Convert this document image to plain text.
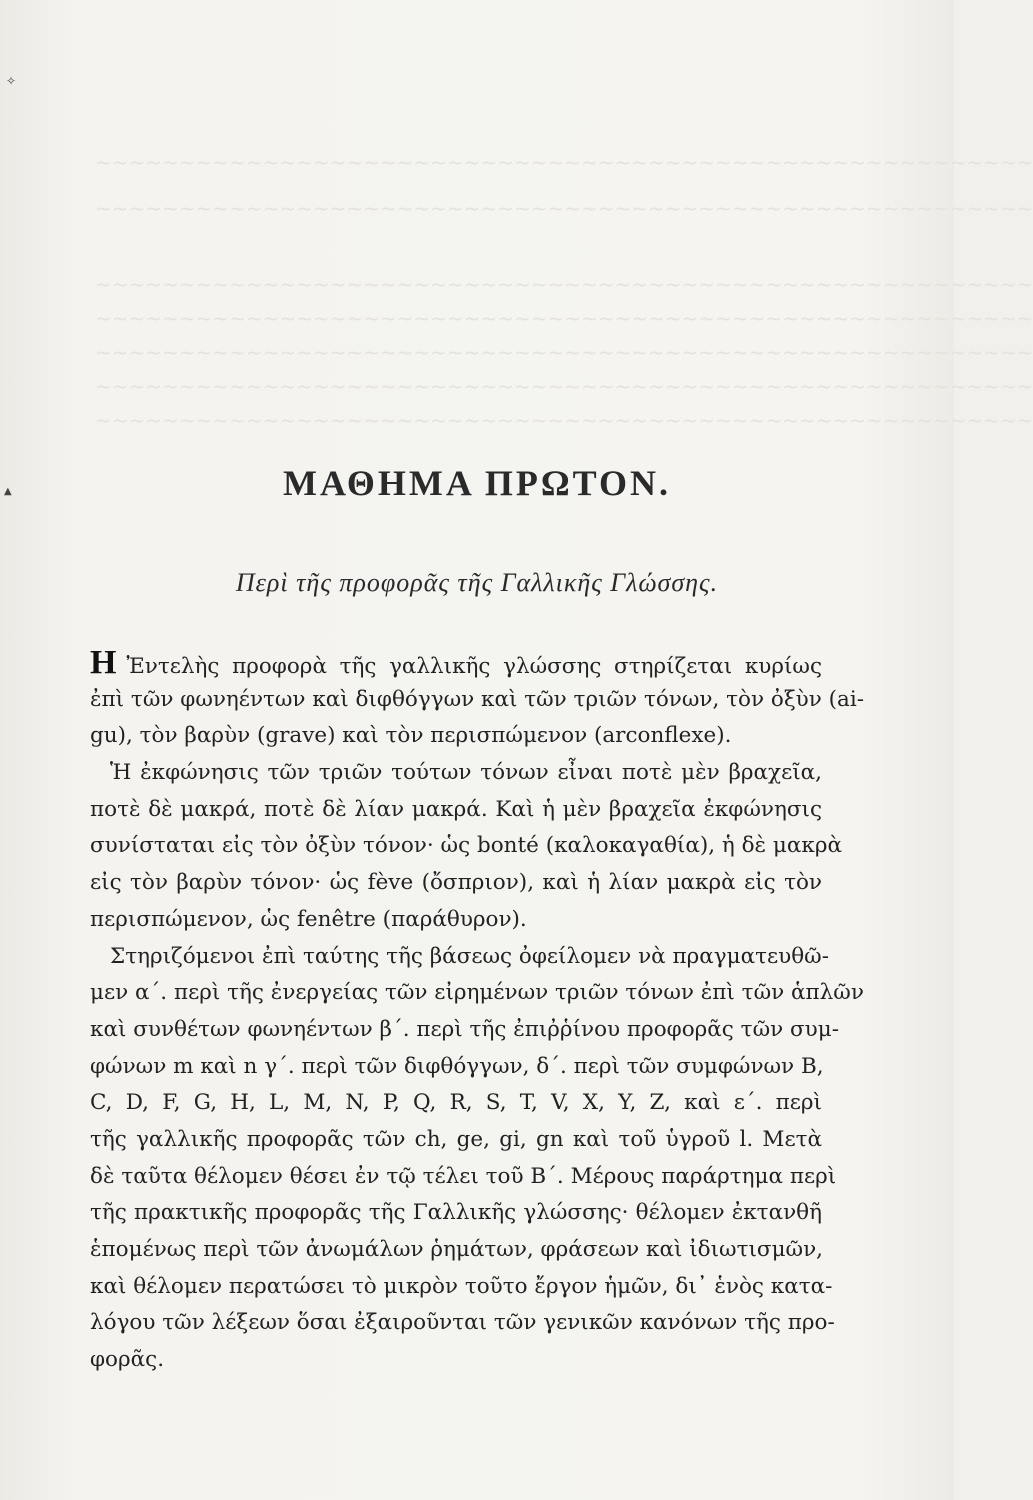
~~~~~~~~~~~~~~~~~~~~~~~~~~~~~~~~~~~~~~~~~~~~~~~~~~~~~~~~
~~~~~~~~~~~~~~~~~~~~~~~~~~~~~~~~~~~~~~~~~~~~~~~~~~~~~~~~
~~~~~~~~~~~~~~~~~~~~~~~~~~~~~~~~~~~~~~~~~~~~~~~~~~~~~~~~
~~~~~~~~~~~~~~~~~~~~~~~~~~~~~~~~~~~~~~~~~~~~~~~~~~~~~~~~
~~~~~~~~~~~~~~~~~~~~~~~~~~~~~~~~~~~~~~~~~~~~~~~~~~~~~~~~
~~~~~~~~~~~~~~~~~~~~~~~~~~~~~~~~~~~~~~~~~~~~~~~~~~~~~~~~
~~~~~~~~~~~~~~~~~~~~~~~~~~~~~~~~~~~~~~~~~~~~~~~~~~~~~~~~
✧
▲	ΜΑΘΗΜΑ ΠΡΩΤΟΝ.
Περὶ τῆς προφορᾶς τῆς Γαλλικῆς Γλώσσης.
Η Ἐντελὴς προφορὰ τῆς γαλλικῆς γλώσσης στηρίζεται κυρίως
ἐπὶ τῶν φωνηέντων καὶ διφθόγγων καὶ τῶν τριῶν τόνων, τὸν ὀξὺν (ai-
gu), τὸν βαρὺν (grave) καὶ τὸν περισπώμενον (arconflexe).
Ἡ ἐκφώνησις τῶν τριῶν τούτων τόνων εἶναι ποτὲ μὲν βραχεῖα,
ποτὲ δὲ μακρά, ποτὲ δὲ λίαν μακρά. Καὶ ἡ μὲν βραχεῖα ἐκφώνησις
συνίσταται εἰς τὸν ὀξὺν τόνον· ὡς bonté (καλοκαγαθία), ἡ δὲ μακρὰ
εἰς τὸν βαρὺν τόνον· ὡς fève (ὄσπριον), καὶ ἡ λίαν μακρὰ εἰς τὸν
περισπώμενον, ὡς fenêtre (παράθυρον).
Στηριζόμενοι ἐπὶ ταύτης τῆς βάσεως ὀφείλομεν νὰ πραγματευθῶ-
μεν α΄. περὶ τῆς ἐνεργείας τῶν εἰρημένων τριῶν τόνων ἐπὶ τῶν ἁπλῶν
καὶ συνθέτων φωνηέντων β΄. περὶ τῆς ἐπιῤῥίνου προφορᾶς τῶν συμ-
φώνων m καὶ n γ΄. περὶ τῶν διφθόγγων, δ΄. περὶ τῶν συμφώνων B,
C, D, F, G, H, L, M, N, P, Q, R, S, T, V, X, Y, Z, καὶ ε΄. περὶ
τῆς γαλλικῆς προφορᾶς τῶν ch, ge, gi, gn καὶ τοῦ ὑγροῦ l. Μετὰ
δὲ ταῦτα θέλομεν θέσει ἐν τῷ τέλει τοῦ Β΄. Μέρους παράρτημα περὶ
τῆς πρακτικῆς προφορᾶς τῆς Γαλλικῆς γλώσσης· θέλομεν ἐκτανθῆ
ἑπομένως περὶ τῶν ἀνωμάλων ῥημάτων, φράσεων καὶ ἰδιωτισμῶν,
καὶ θέλομεν περατώσει τὸ μικρὸν τοῦτο ἔργον ἡμῶν, δι᾽ ἑνὸς κατα-
λόγου τῶν λέξεων ὅσαι ἐξαιροῦνται τῶν γενικῶν κανόνων τῆς προ-
φορᾶς.
